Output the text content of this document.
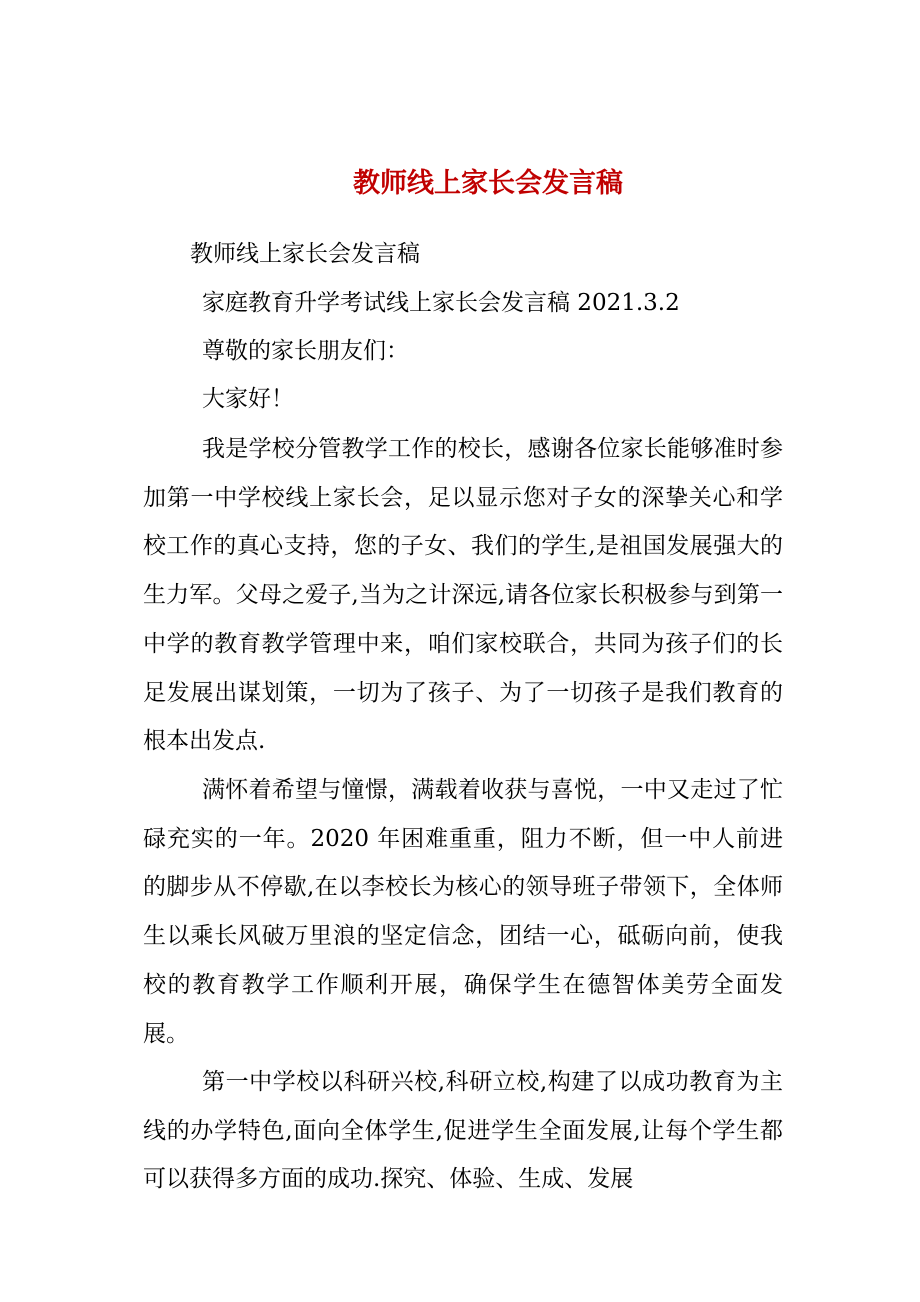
教师线上家长会发言稿
教师线上家长会发言稿
家庭教育升学考试线上家长会发言稿 2021.3.2
尊敬的家长朋友们：
大家好！

我是学校分管教学工作的校长，感谢各位家长能够准时参加第一中学校线上家长会，足以显示您对子女的深挚关心和学校工作的真心支持，您的子女、我们的学生,是祖国发展强大的生力军。父母之爱子,当为之计深远,请各位家长积极参与到第一中学的教育教学管理中来，咱们家校联合，共同为孩子们的长足发展出谋划策，一切为了孩子、为了一切孩子是我们教育的根本出发点.

满怀着希望与憧憬，满载着收获与喜悦，一中又走过了忙碌充实的一年。2020 年困难重重，阻力不断，但一中人前进的脚步从不停歇,在以李校长为核心的领导班子带领下，全体师生以乘长风破万里浪的坚定信念，团结一心，砥砺向前，使我校的教育教学工作顺利开展，确保学生在德智体美劳全面发展。

第一中学校以科研兴校,科研立校,构建了以成功教育为主线的办学特色,面向全体学生,促进学生全面发展,让每个学生都可以获得多方面的成功.探究、体验、生成、发展
